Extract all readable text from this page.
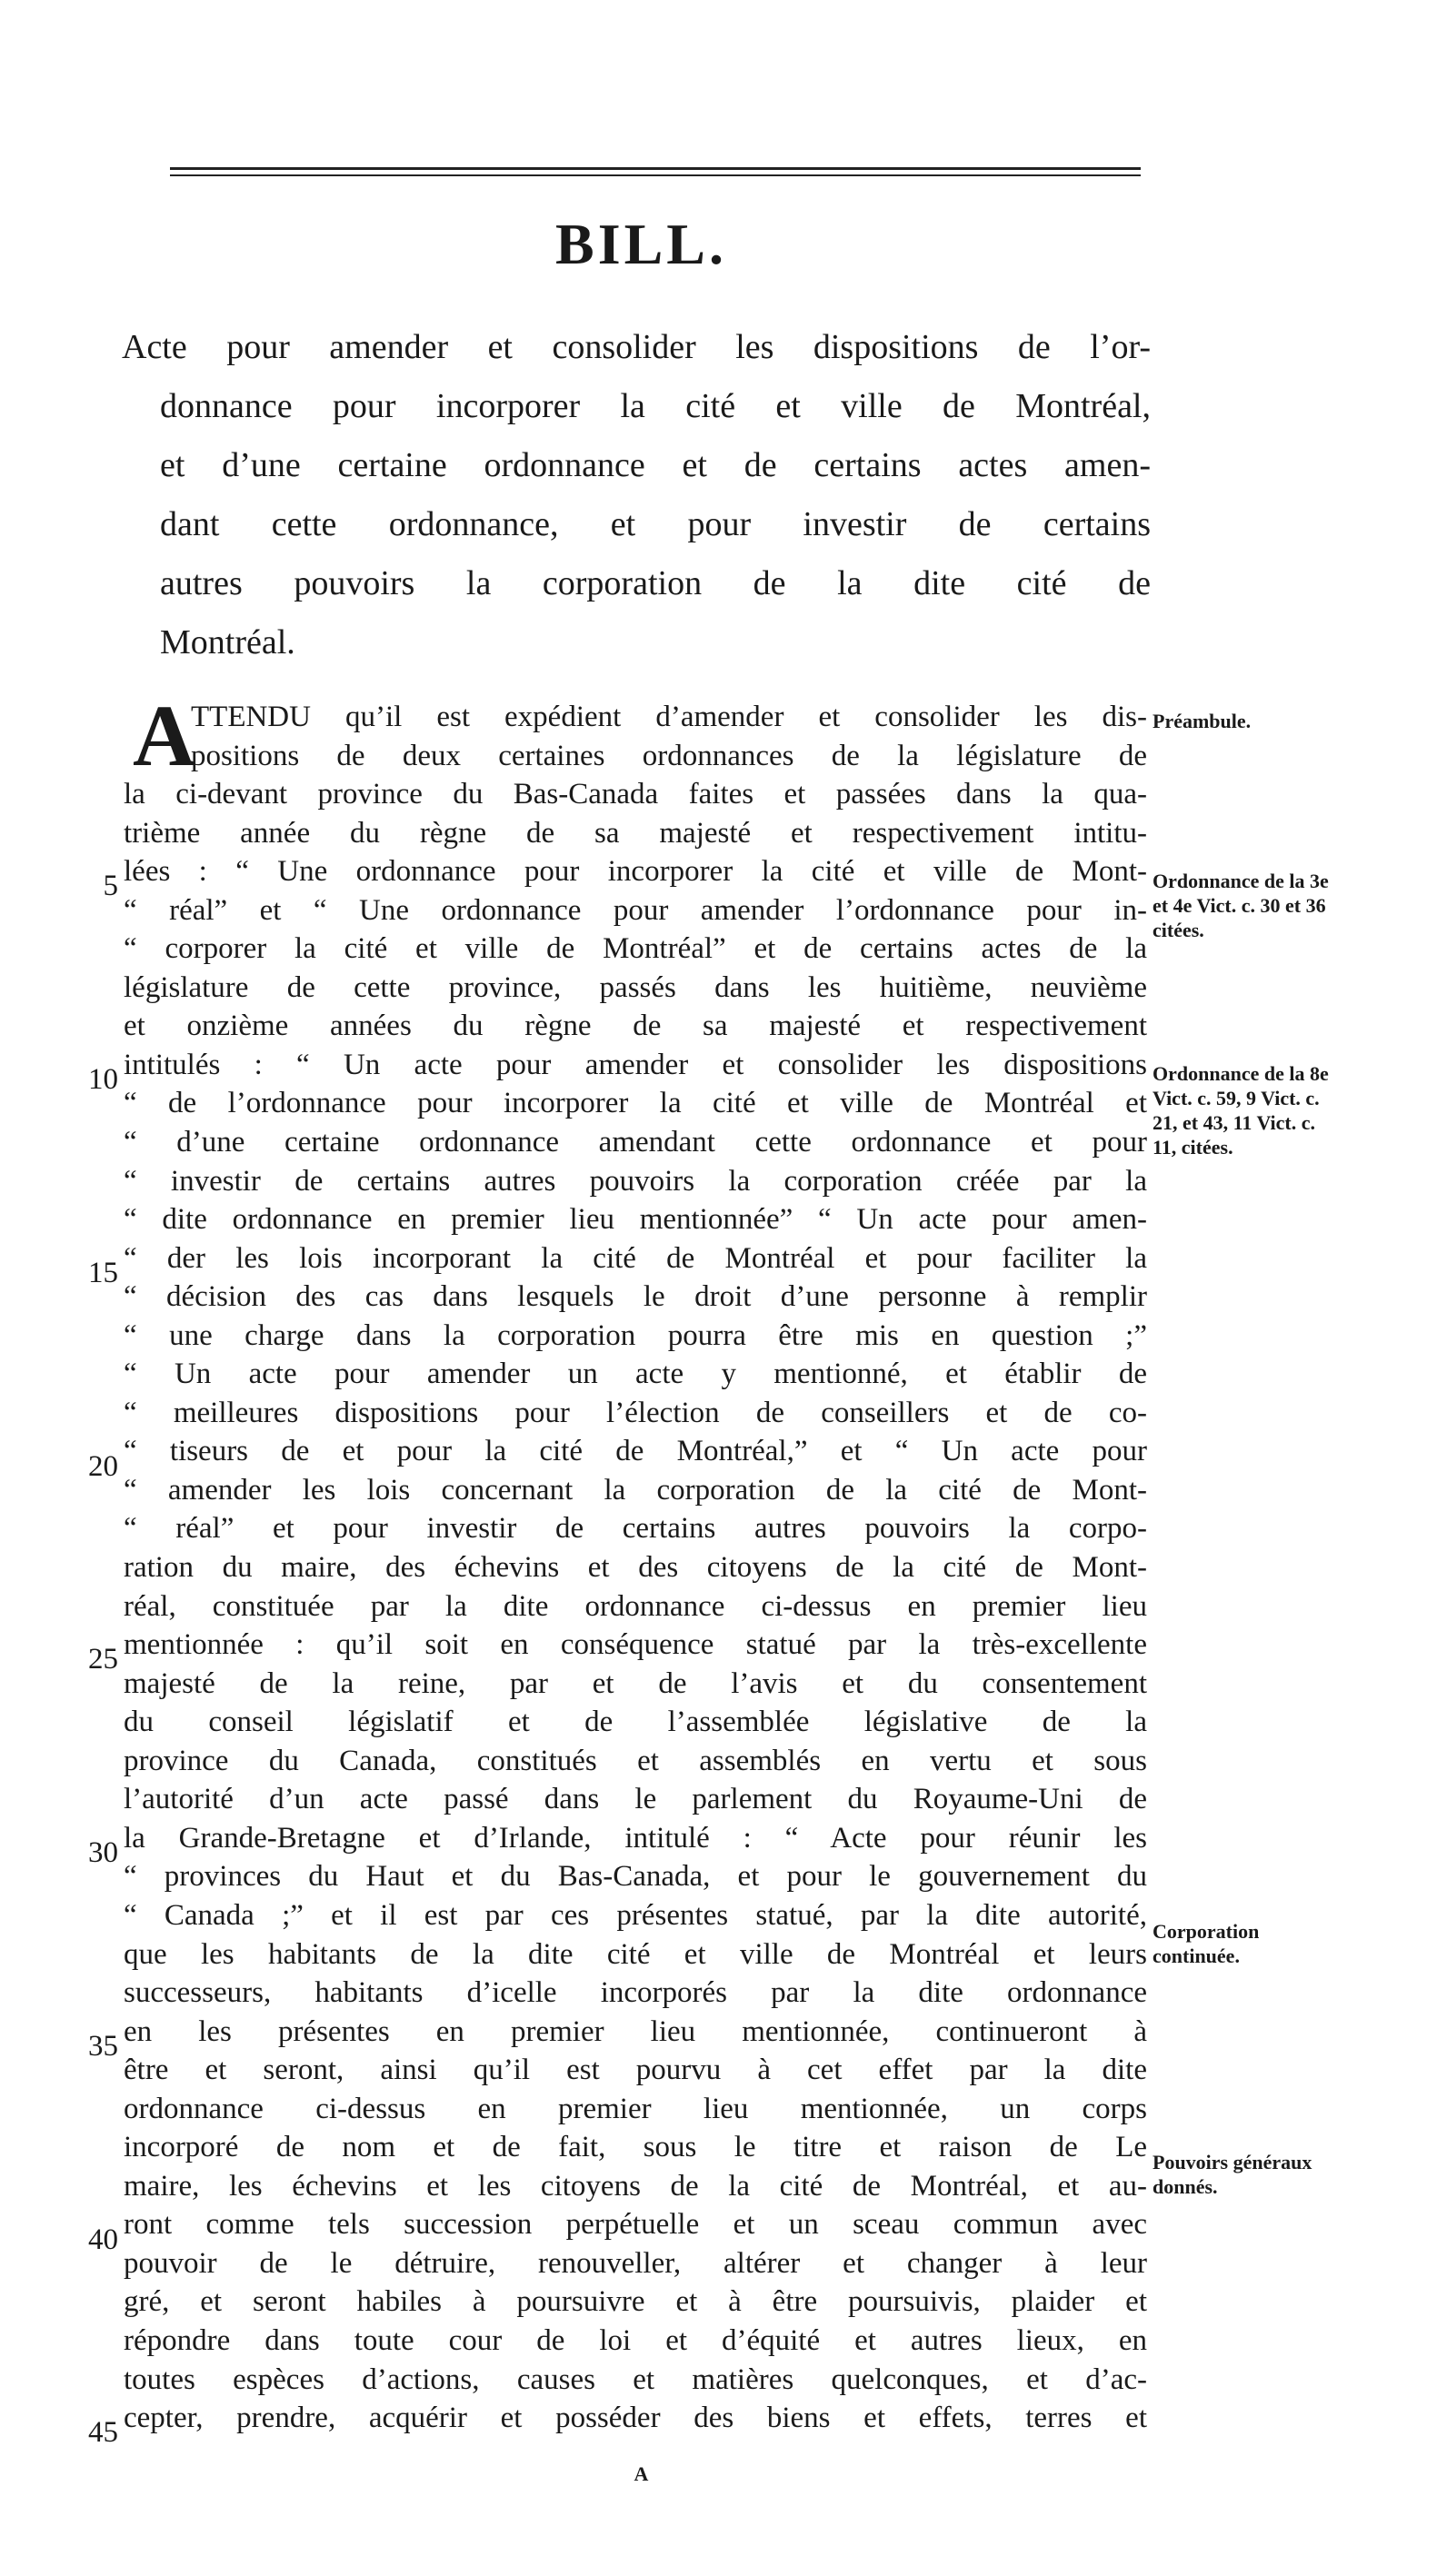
BILL.
Acte pour amender et consolider les dispositions de l’or-
donnance pour incorporer la cité et ville de Montréal,
et d’une certaine ordonnance et de certains actes amen-
dant cette ordonnance, et pour investir de certains
autres pouvoirs la corporation de la dite cité de
Montréal.
A
TTENDU qu’il est expédient d’amender et consolider les dis-
positions de deux certaines ordonnances de la législature de
la ci-devant province du Bas-Canada faites et passées dans la qua-
trième année du règne de sa majesté et respectivement intitu-
lées : “ Une ordonnance pour incorporer la cité et ville de Mont-
“ réal” et “ Une ordonnance pour amender l’ordonnance pour in-
“ corporer la cité et ville de Montréal” et de certains actes de la
législature de cette province, passés dans les huitième, neuvième
et onzième années du règne de sa majesté et respectivement
intitulés : “ Un acte pour amender et consolider les dispositions
“ de l’ordonnance pour incorporer la cité et ville de Montréal et
“ d’une certaine ordonnance amendant cette ordonnance et pour
“ investir de certains autres pouvoirs la corporation créée par la
“ dite ordonnance en premier lieu mentionnée” “ Un acte pour amen-
“ der les lois incorporant la cité de Montréal et pour faciliter la
“ décision des cas dans lesquels le droit d’une personne à remplir
“ une charge dans la corporation pourra être mis en question ;”
“ Un acte pour amender un acte y mentionné, et établir de
“ meilleures dispositions pour l’élection de conseillers et de co-
“ tiseurs de et pour la cité de Montréal,” et “ Un acte pour
“ amender les lois concernant la corporation de la cité de Mont-
“ réal” et pour investir de certains autres pouvoirs la corpo-
ration du maire, des échevins et des citoyens de la cité de Mont-
réal, constituée par la dite ordonnance ci-dessus en premier lieu
mentionnée : qu’il soit en conséquence statué par la très-excellente
majesté de la reine, par et de l’avis et du consentement
du conseil législatif et de l’assemblée législative de la
province du Canada, constitués et assemblés en vertu et sous
l’autorité d’un acte passé dans le parlement du Royaume-Uni de
la Grande-Bretagne et d’Irlande, intitulé : “ Acte pour réunir les
“ provinces du Haut et du Bas-Canada, et pour le gouvernement du
“ Canada ;” et il est par ces présentes statué, par la dite autorité,
que les habitants de la dite cité et ville de Montréal et leurs
successeurs, habitants d’icelle incorporés par la dite ordonnance
en les présentes en premier lieu mentionnée, continueront à
être et seront, ainsi qu’il est pourvu à cet effet par la dite
ordonnance ci-dessus en premier lieu mentionnée, un corps
incorporé de nom et de fait, sous le titre et raison de Le
maire, les échevins et les citoyens de la cité de Montréal, et au-
ront comme tels succession perpétuelle et un sceau commun avec
pouvoir de le détruire, renouveller, altérer et changer à leur
gré, et seront habiles à poursuivre et à être poursuivis, plaider et
répondre dans toute cour de loi et d’équité et autres lieux, en
toutes espèces d’actions, causes et matières quelconques, et d’ac-
cepter, prendre, acquérir et posséder des biens et effets, terres et
5
10
15
20
25
30
35
40
45
Préambule.
Ordonnance de la 3e et 4e Vict. c. 30 et 36 citées.
Ordonnance de la 8e Vict. c. 59, 9 Vict. c. 21, et 43, 11 Vict. c. 11, citées.
Corporation continuée.
Pouvoirs généraux donnés.
A
